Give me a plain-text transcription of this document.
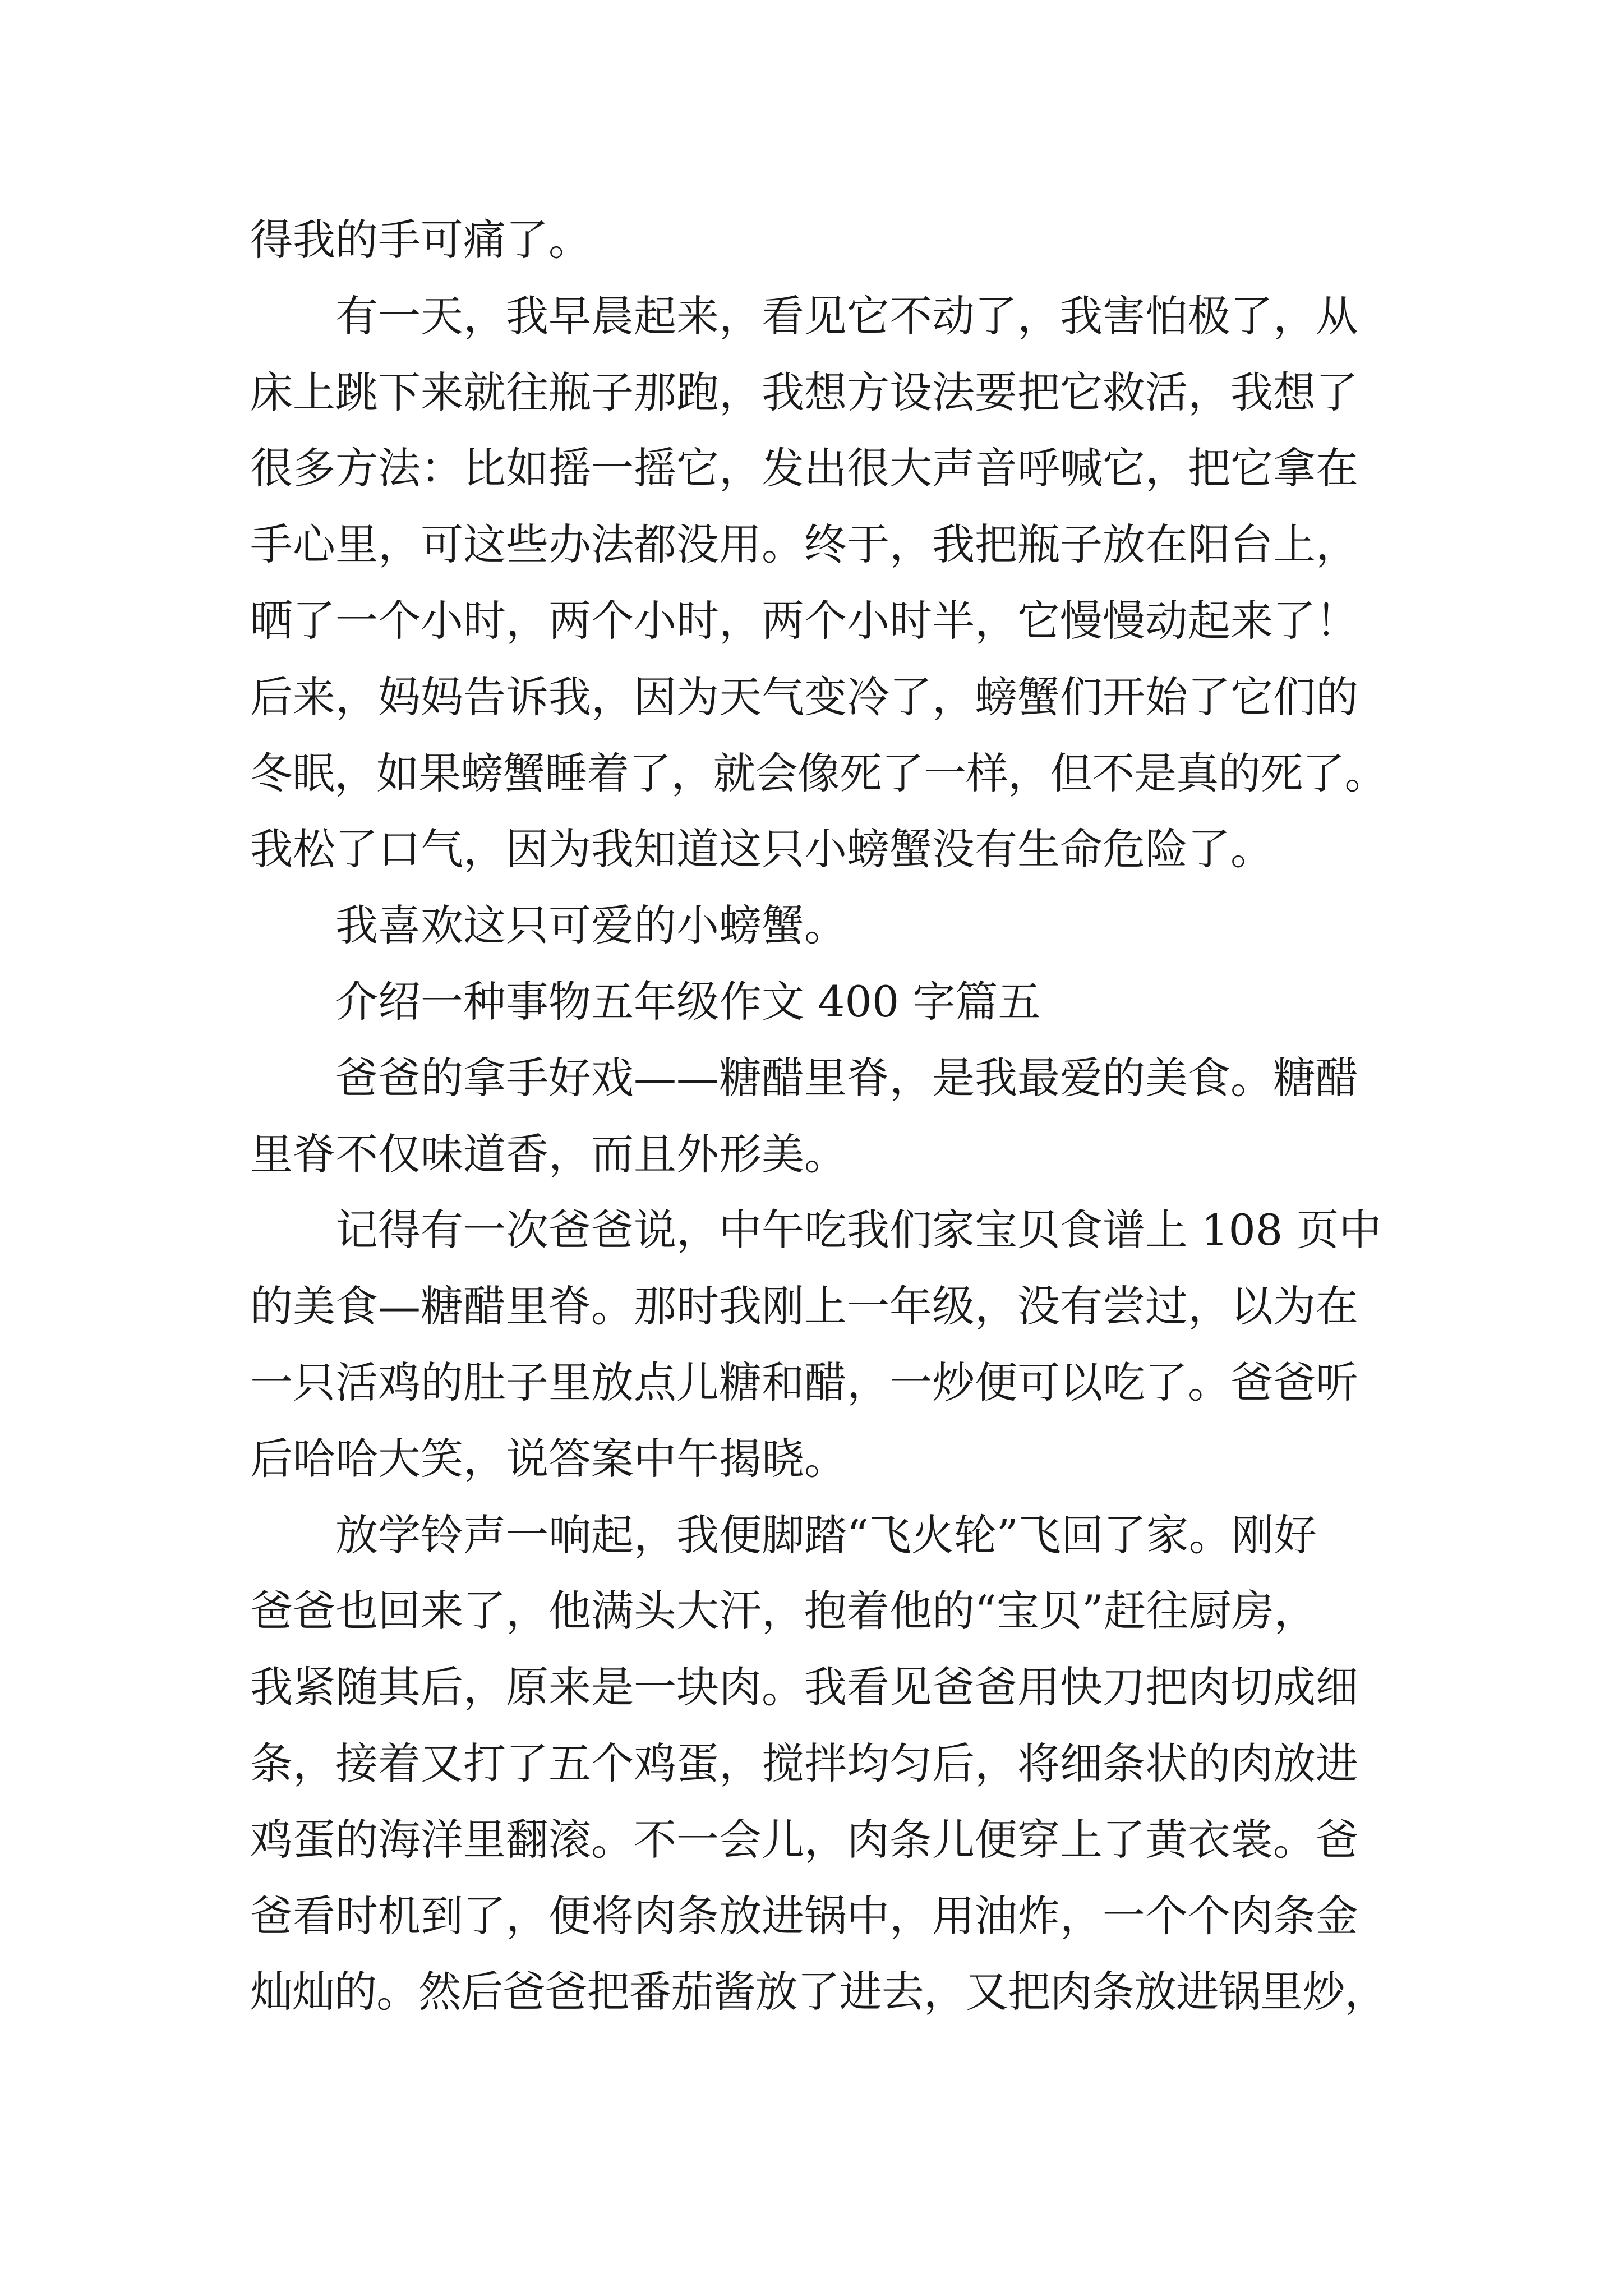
得我的手可痛了。
有一天，我早晨起来，看见它不动了，我害怕极了，从
床上跳下来就往瓶子那跑，我想方设法要把它救活，我想了
很多方法：比如摇一摇它，发出很大声音呼喊它，把它拿在
手心里，可这些办法都没用。终于，我把瓶子放在阳台上，
晒了一个小时，两个小时，两个小时半，它慢慢动起来了！
后来，妈妈告诉我，因为天气变冷了，螃蟹们开始了它们的
冬眠，如果螃蟹睡着了，就会像死了一样，但不是真的死了。
我松了口气，因为我知道这只小螃蟹没有生命危险了。
我喜欢这只可爱的小螃蟹。
介绍一种事物五年级作文 400 字篇五
爸爸的拿手好戏——糖醋里脊，是我最爱的美食。糖醋
里脊不仅味道香，而且外形美。
记得有一次爸爸说，中午吃我们家宝贝食谱上 108 页中
的美食—糖醋里脊。那时我刚上一年级，没有尝过，以为在
一只活鸡的肚子里放点儿糖和醋，一炒便可以吃了。爸爸听
后哈哈大笑，说答案中午揭晓。
放学铃声一响起，我便脚踏“飞火轮”飞回了家。刚好
爸爸也回来了，他满头大汗，抱着他的“宝贝”赶往厨房，
我紧随其后，原来是一块肉。我看见爸爸用快刀把肉切成细
条，接着又打了五个鸡蛋，搅拌均匀后，将细条状的肉放进
鸡蛋的海洋里翻滚。不一会儿，肉条儿便穿上了黄衣裳。爸
爸看时机到了，便将肉条放进锅中，用油炸，一个个肉条金
灿灿的。然后爸爸把番茄酱放了进去，又把肉条放进锅里炒，
